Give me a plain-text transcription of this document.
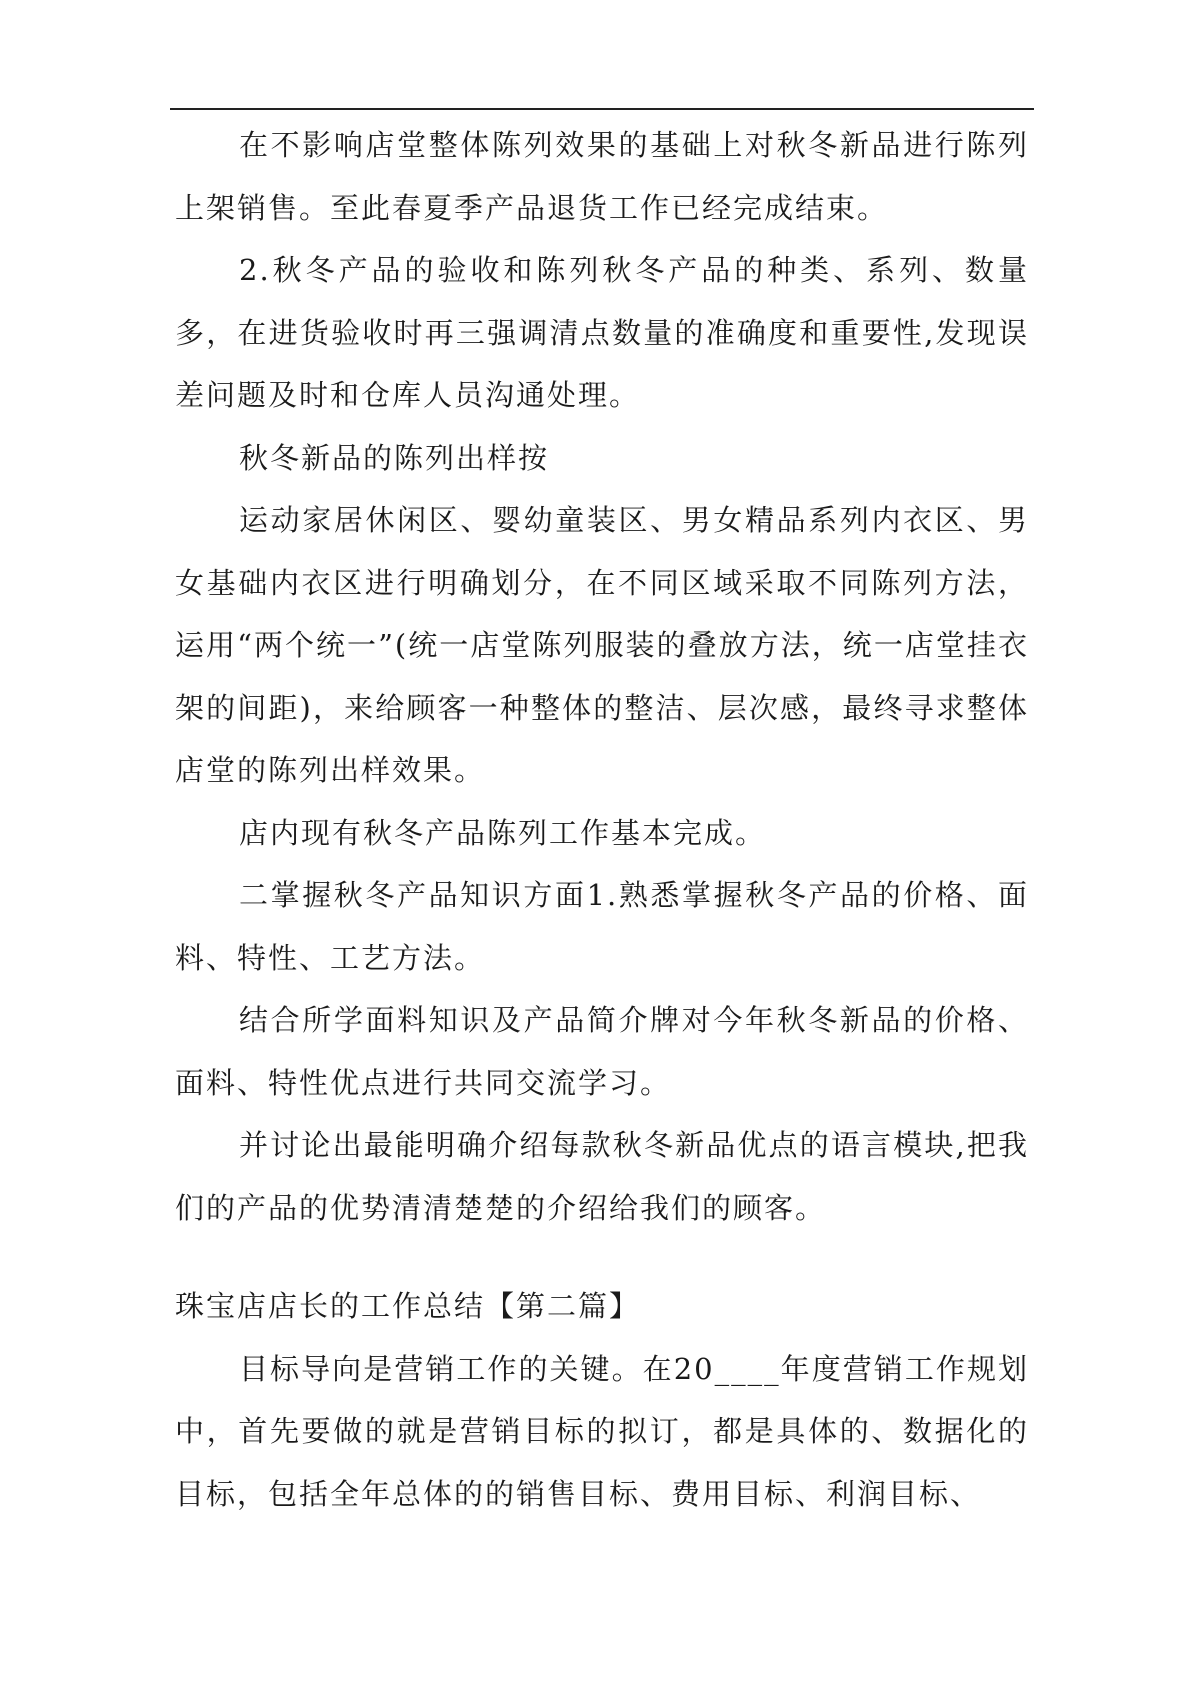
在不影响店堂整体陈列效果的基础上对秋冬新品进行陈列上架销售。至此春夏季产品退货工作已经完成结束。

2.秋冬产品的验收和陈列秋冬产品的种类、系列、数量多，在进货验收时再三强调清点数量的准确度和重要性,发现误差问题及时和仓库人员沟通处理。

秋冬新品的陈列出样按

运动家居休闲区、婴幼童装区、男女精品系列内衣区、男女基础内衣区进行明确划分，在不同区域采取不同陈列方法，运用“两个统一”(统一店堂陈列服装的叠放方法，统一店堂挂衣架的间距)，来给顾客一种整体的整洁、层次感，最终寻求整体店堂的陈列出样效果。

店内现有秋冬产品陈列工作基本完成。

二掌握秋冬产品知识方面1.熟悉掌握秋冬产品的价格、面料、特性、工艺方法。

结合所学面料知识及产品简介牌对今年秋冬新品的价格、面料、特性优点进行共同交流学习。

并讨论出最能明确介绍每款秋冬新品优点的语言模块,把我们的产品的优势清清楚楚的介绍给我们的顾客。

珠宝店店长的工作总结【第二篇】

目标导向是营销工作的关键。在20____年度营销工作规划中，首先要做的就是营销目标的拟订，都是具体的、数据化的目标，包括全年总体的的销售目标、费用目标、利润目标、
